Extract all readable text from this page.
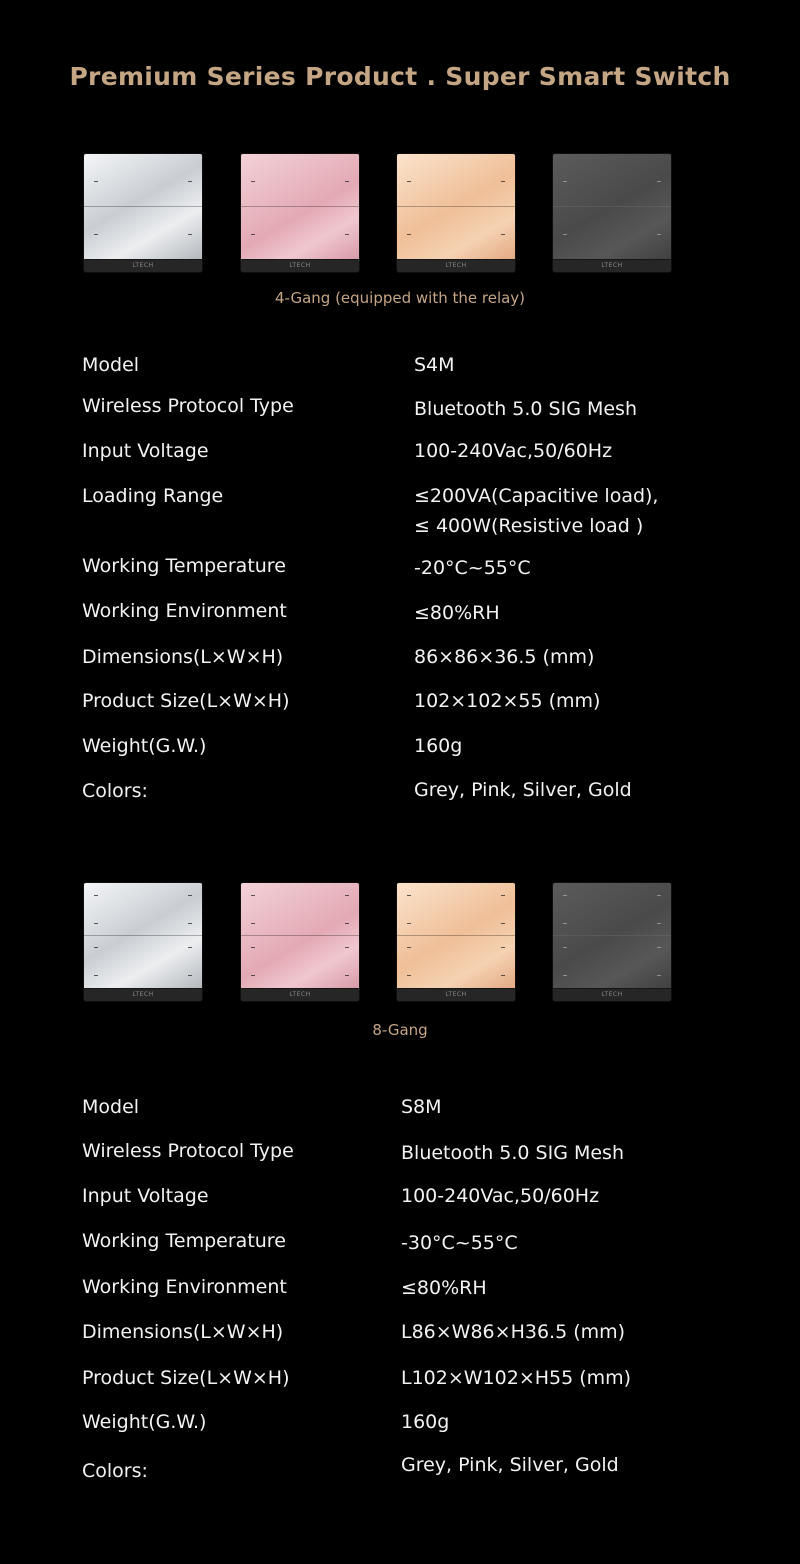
Premium Series Product . Super Smart Switch
LTECH	LTECH	LTECH	LTECH
4-Gang (equipped with the relay)
Model	S4M
Wireless Protocol Type	Bluetooth 5.0 SIG Mesh
Input Voltage	100-240Vac,50/60Hz
Loading Range	≤200VA(Capacitive load),
≤ 400W(Resistive load )
Working Temperature	-20°C~55°C
Working Environment	≤80%RH
Dimensions(L×W×H)	86×86×36.5 (mm)
Product Size(L×W×H)	102×102×55 (mm)
Weight(G.W.)	160g
Colors:	Grey, Pink, Silver, Gold
LTECH	LTECH	LTECH	LTECH
8-Gang
Model	S8M
Wireless Protocol Type	Bluetooth 5.0 SIG Mesh
Input Voltage	100-240Vac,50/60Hz
Working Temperature	-30°C~55°C
Working Environment	≤80%RH
Dimensions(L×W×H)	L86×W86×H36.5 (mm)
Product Size(L×W×H)	L102×W102×H55 (mm)
Weight(G.W.)	160g
Colors:	Grey, Pink, Silver, Gold
